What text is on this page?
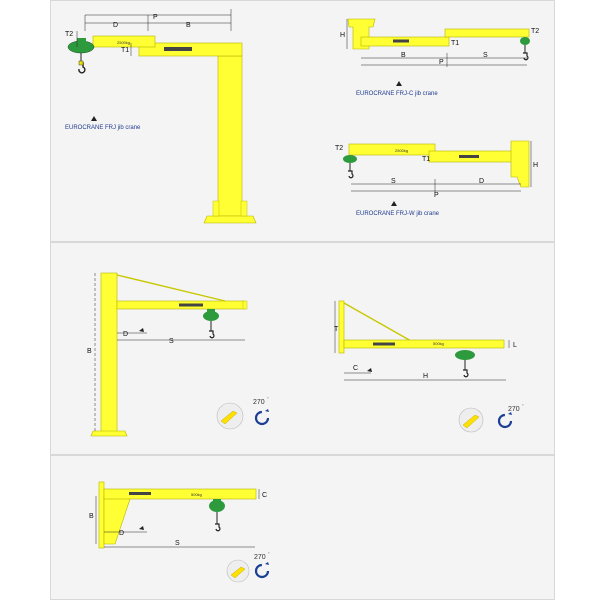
2500kg
D
P
B
T1
T2
EUROCRANE FRJ jib crane
H
B	S
P
T1
T2
EUROCRANE FRJ-C jib crane
2500kg
T2
T1
H
S	D
P
EUROCRANE FRJ-W jib crane
B
D
S
270
°
500kg
T
L
C
H
270
°
500kg
B
C
D
S
270
°
